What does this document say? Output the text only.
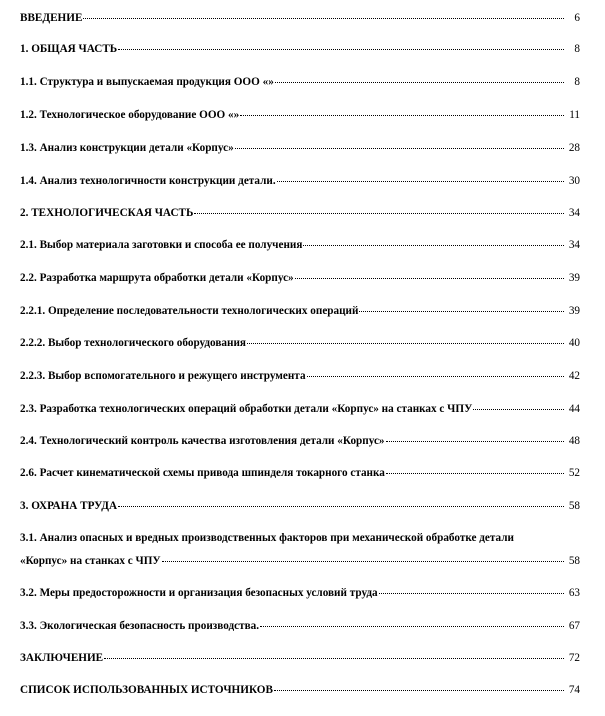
ВВЕДЕНИЕ	6
1. ОБЩАЯ ЧАСТЬ	8
1.1. Структура и выпускаемая продукция ООО «»	8
1.2. Технологическое оборудование ООО «»	11
1.3. Анализ конструкции детали «Корпус»	28
1.4. Анализ технологичности конструкции детали.	30
2. ТЕХНОЛОГИЧЕСКАЯ ЧАСТЬ	34
2.1. Выбор материала заготовки и способа ее получения	34
2.2. Разработка маршрута обработки детали «Корпус»	39
2.2.1. Определение последовательности технологических операций	39
2.2.2. Выбор технологического оборудования	40
2.2.3. Выбор вспомогательного и режущего инструмента	42
2.3. Разработка технологических операций обработки детали «Корпус» на станках с ЧПУ	44
2.4. Технологический контроль качества изготовления детали «Корпус»	48
2.6. Расчет кинематической схемы привода шпинделя токарного станка	52
3. ОХРАНА ТРУДА	58
3.1. Анализ опасных и вредных производственных факторов при механической обработке детали
«Корпус» на станках с ЧПУ	58
3.2. Меры предосторожности и организация безопасных условий труда	63
3.3. Экологическая безопасность производства.	67
ЗАКЛЮЧЕНИЕ	72
СПИСОК ИСПОЛЬЗОВАННЫХ ИСТОЧНИКОВ	74
